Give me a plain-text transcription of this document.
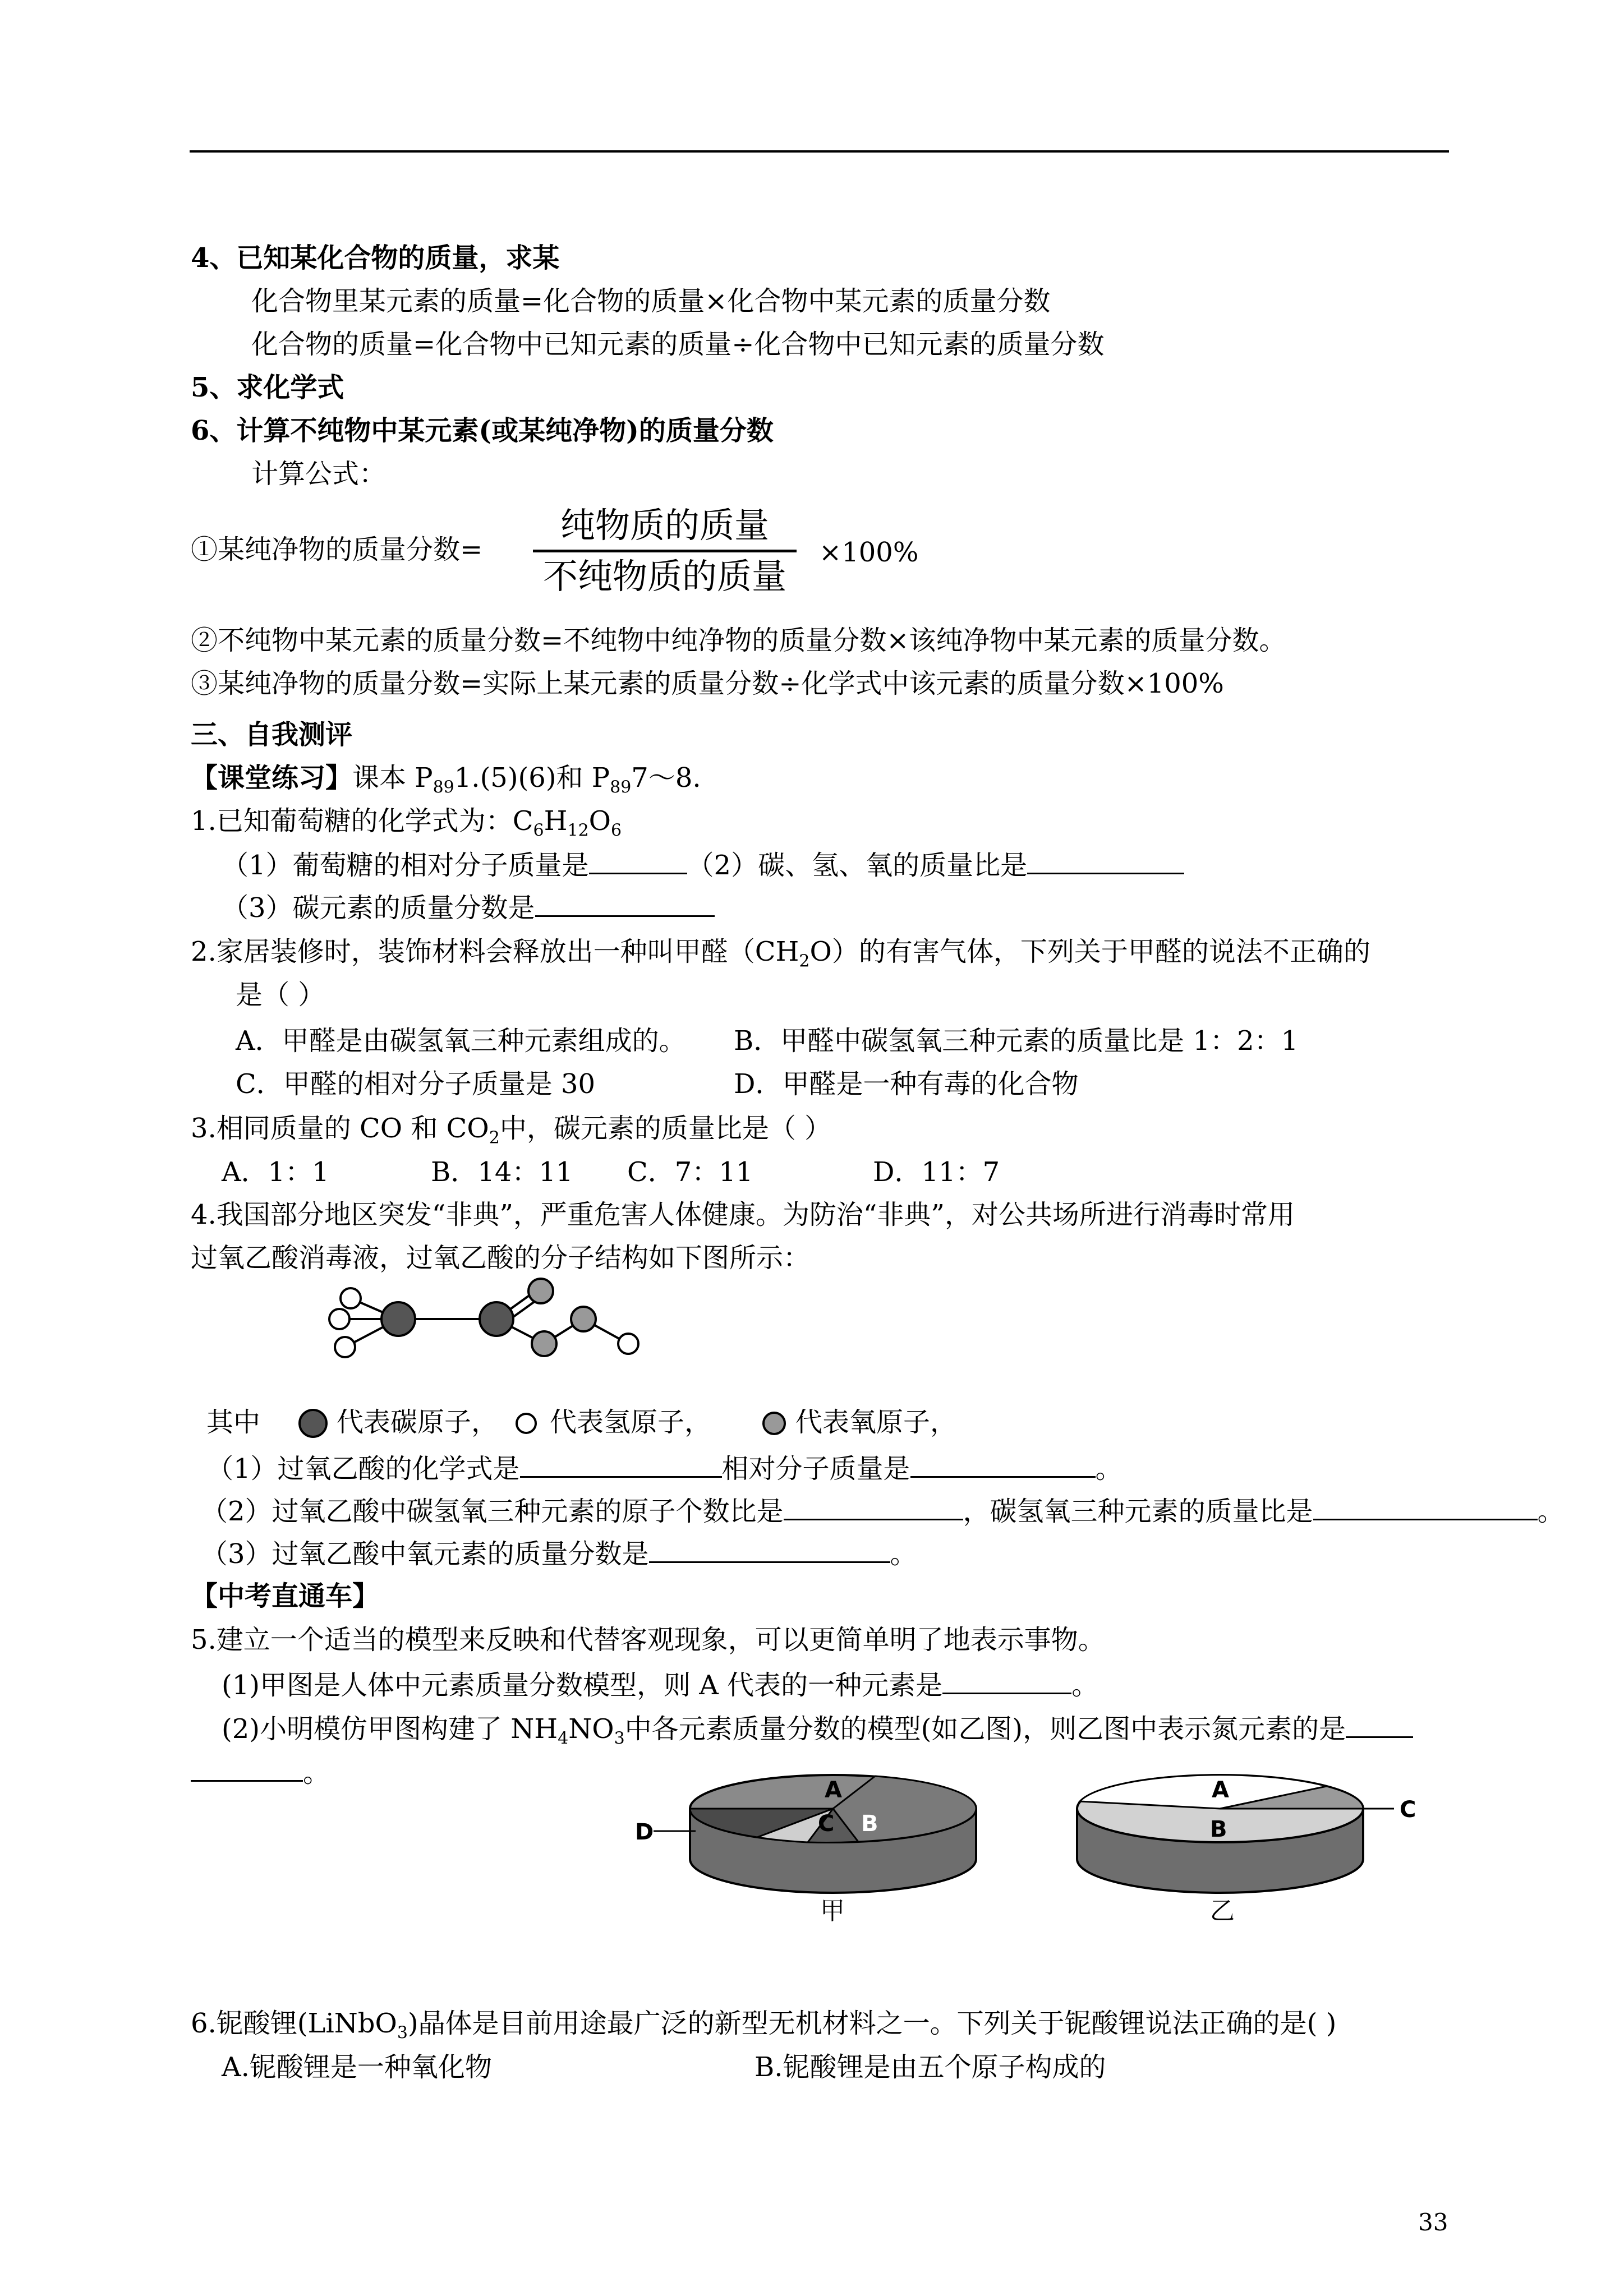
4、已知某化合物的质量，求某
化合物里某元素的质量=化合物的质量×化合物中某元素的质量分数
化合物的质量=化合物中已知元素的质量÷化合物中已知元素的质量分数
5、求化学式
6、计算不纯物中某元素(或某纯净物)的质量分数
计算公式：
①某纯净物的质量分数=
纯物质的质量
不纯物质的质量
×100%
②不纯物中某元素的质量分数=不纯物中纯净物的质量分数×该纯净物中某元素的质量分数。
③某纯净物的质量分数=实际上某元素的质量分数÷化学式中该元素的质量分数×100%
三、自我测评
【课堂练习】课本 $P_{89}1.(5)(6)$和 $P_{89}7\sim 8$.
1.已知葡萄糖的化学式为：$C_6H_{12}O_6$
（1）葡萄糖的相对分子质量是	（2）碳、氢、氧的质量比是
（3）碳元素的质量分数是
2.家居装修时，装饰材料会释放出一种叫甲醛$(CH_2O)$的有害气体，下列关于甲醛的说法不正确的
是（ ）
A．甲醛是由碳氢氧三种元素组成的。 B．甲醛中碳氢氧三种元素的质量比是 1：2：1
C．甲醛的相对分子质量是 30	D．甲醛是一种有毒的化合物
3.相同质量的 CO 和 $CO_2$中，碳元素的质量比是（ ）
A．1：1	B．14：11 C．7：11	D．11：7
4.我国部分地区突发“非典”，严重危害人体健康。为防治“非典”，对公共场所进行消毒时常用
过氧乙酸消毒液，过氧乙酸的分子结构如下图所示：
其中	代表碳原子， 代表氢原子，	代表氧原子，
（1）过氧乙酸的化学式是	相对分子质量是	。
（2）过氧乙酸中碳氢氧三种元素的原子个数比是	，碳氢氧三种元素的质量比是	。
（3）过氧乙酸中氧元素的质量分数是	。
【中考直通车】
5.建立一个适当的模型来反映和代替客观现象，可以更简单明了地表示事物。
(1)甲图是人体中元素质量分数模型，则 A 代表的一种元素是	。
(2)小明模仿甲图构建了 $NH_4NO_3$中各元素质量分数的模型(如乙图)，则乙图中表示氮元素的是
。
A
B
C
D
甲
A
B
C
乙
6.铌酸锂(LiNbO$_3$)晶体是目前用途最广泛的新型无机材料之一。下列关于铌酸锂说法正确的是( )
A.铌酸锂是一种氧化物	B.铌酸锂是由五个原子构成的
33
